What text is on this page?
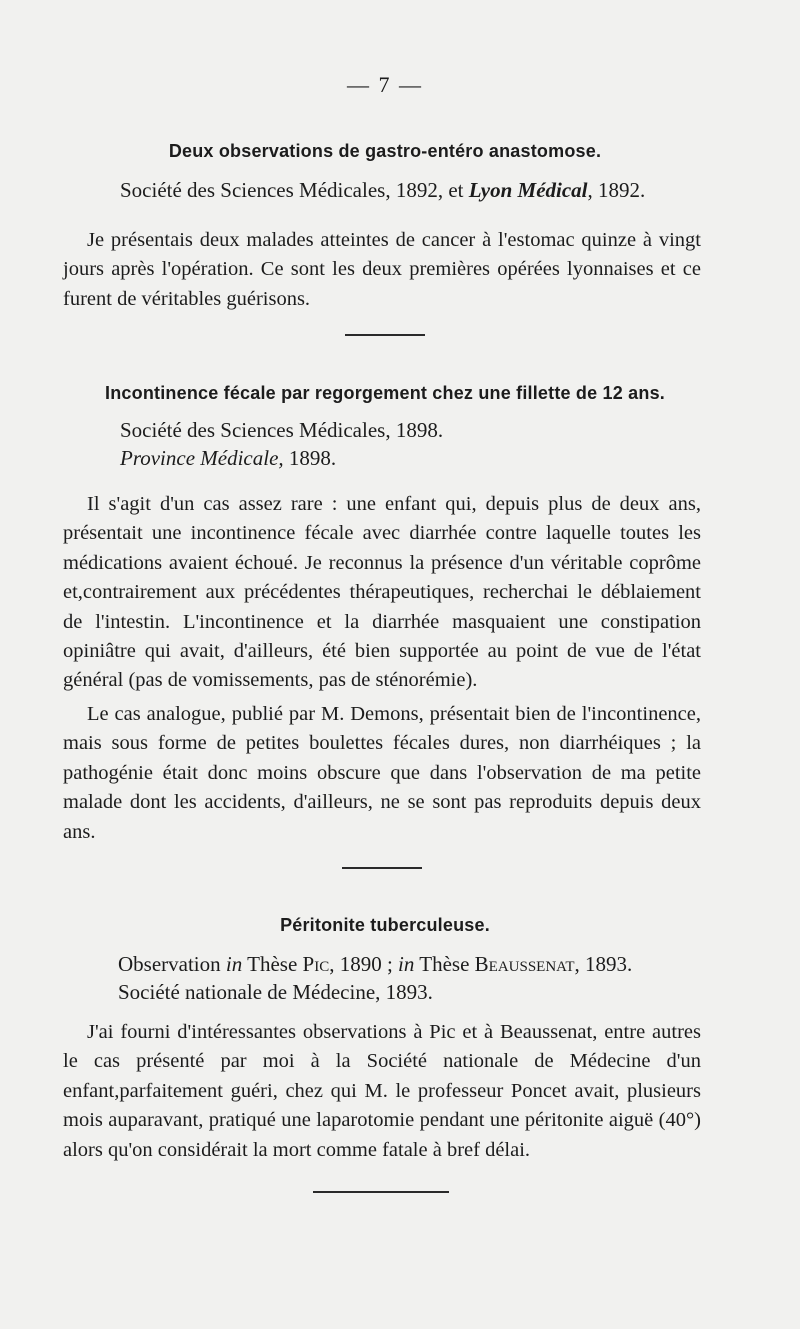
— 7 —
Deux observations de gastro-entéro anastomose.
Société des Sciences Médicales, 1892, et Lyon Médical, 1892.
Je présentais deux malades atteintes de cancer à l'estomac quinze à vingt jours après l'opération. Ce sont les deux premières opérées lyonnaises et ce furent de véritables guérisons.
Incontinence fécale par regorgement chez une fillette de 12 ans.
Société des Sciences Médicales, 1898.
Province Médicale, 1898.
Il s'agit d'un cas assez rare : une enfant qui, depuis plus de deux ans, présentait une incontinence fécale avec diarrhée contre laquelle toutes les médications avaient échoué. Je reconnus la présence d'un véritable coprôme et,contrairement aux précédentes thérapeutiques, recherchai le déblaiement de l'intestin. L'incontinence et la diarrhée masquaient une constipation opiniâtre qui avait, d'ailleurs, été bien supportée au point de vue de l'état général (pas de vomissements, pas de sténorémie).
Le cas analogue, publié par M. Demons, présentait bien de l'incontinence, mais sous forme de petites boulettes fécales dures, non diarrhéiques ; la pathogénie était donc moins obscure que dans l'observation de ma petite malade dont les accidents, d'ailleurs, ne se sont pas reproduits depuis deux ans.
Péritonite tuberculeuse.
Observation in Thèse Pic, 1890 ; in Thèse Beaussenat, 1893.
Société nationale de Médecine, 1893.
J'ai fourni d'intéressantes observations à Pic et à Beaussenat, entre autres le cas présenté par moi à la Société nationale de Médecine d'un enfant,parfaitement guéri, chez qui M. le professeur Poncet avait, plusieurs mois auparavant, pratiqué une laparotomie pendant une péritonite aiguë (40°) alors qu'on considérait la mort comme fatale à bref délai.
